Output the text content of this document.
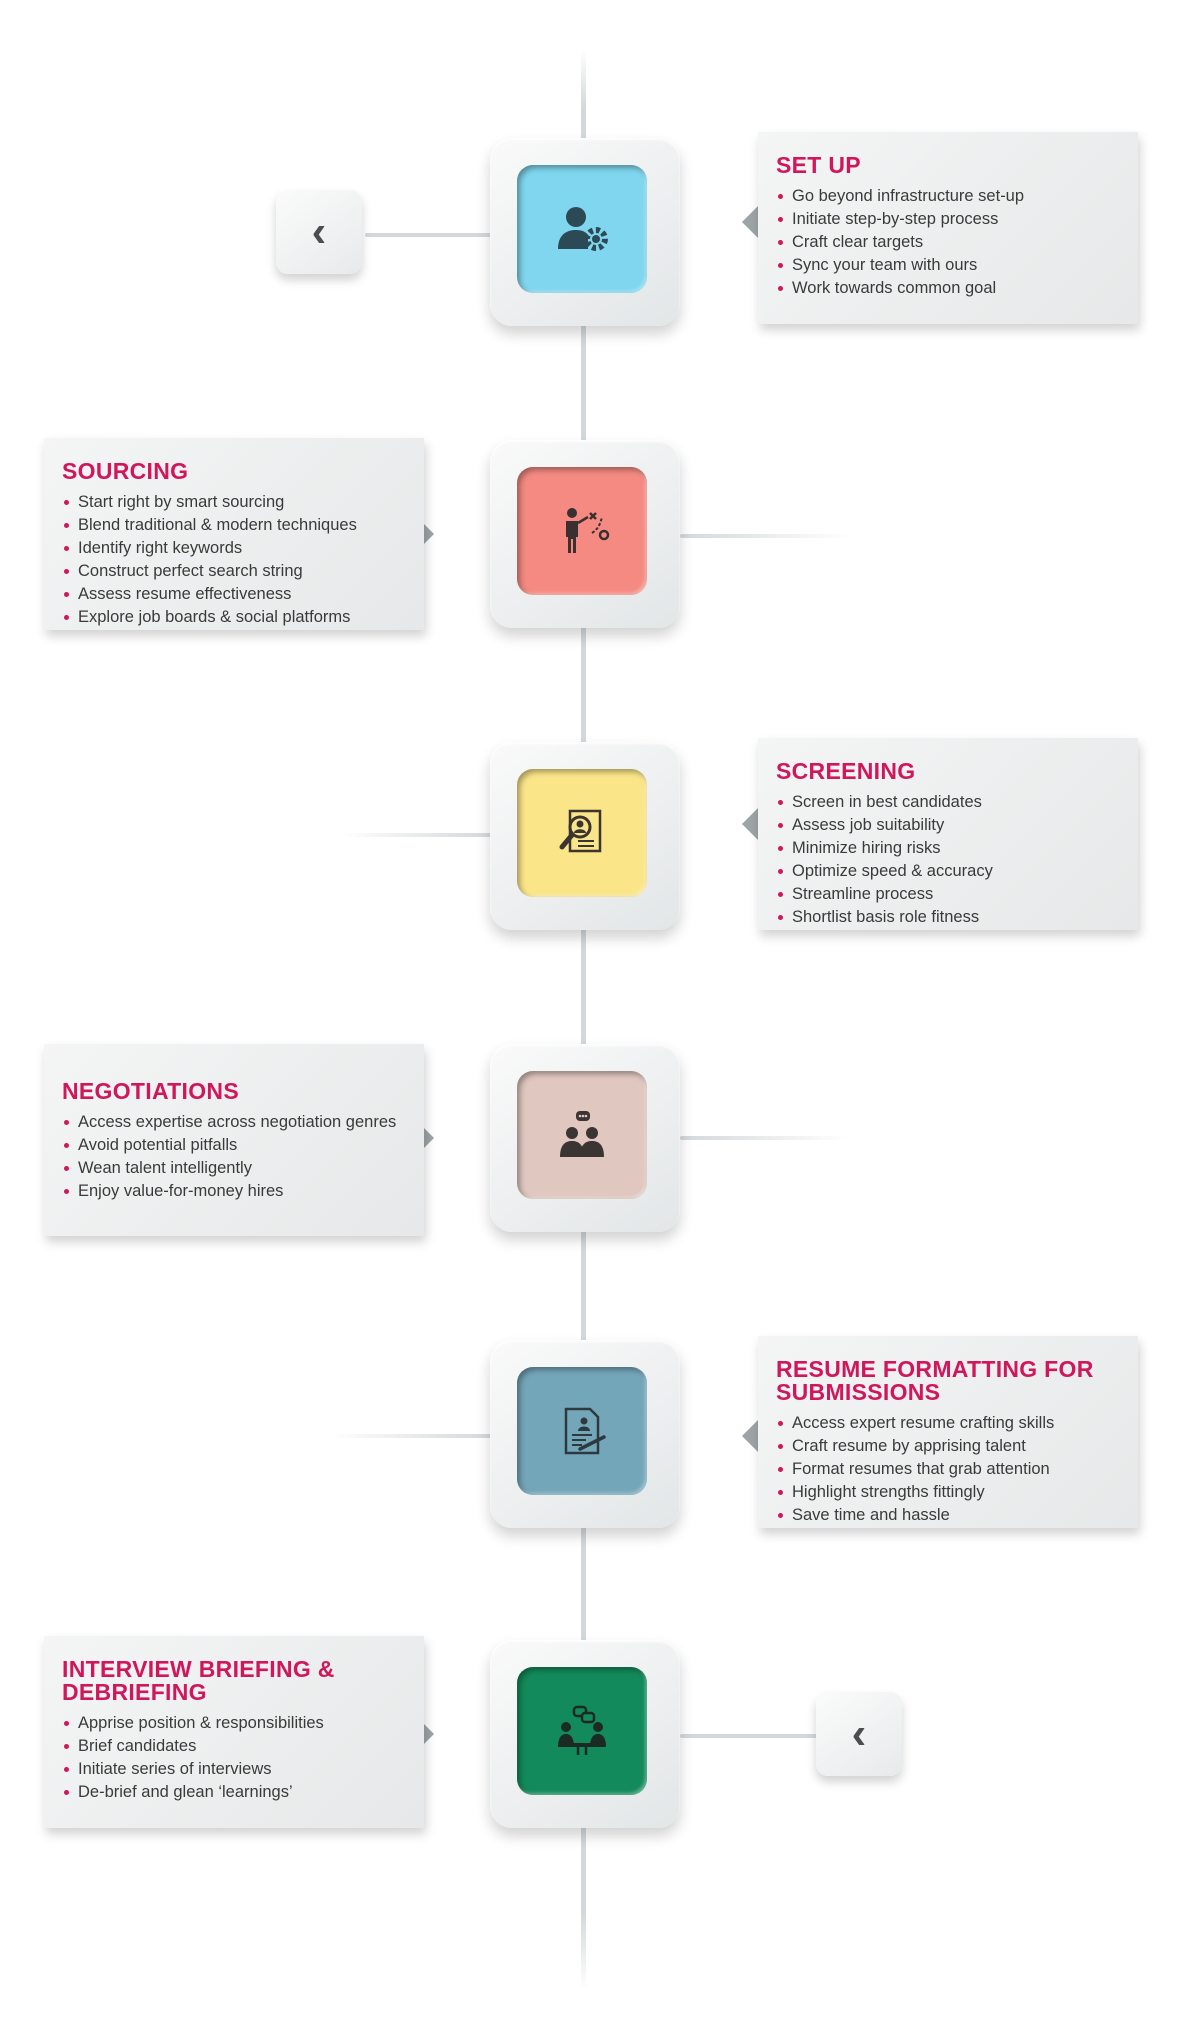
‹
‹
SET UP
Go beyond infrastructure set-up
Initiate step-by-step process
Craft clear targets
Sync your team with ours
Work towards common goal
SOURCING
Start right by smart sourcing
Blend traditional & modern techniques
Identify right keywords
Construct perfect search string
Assess resume effectiveness
Explore job boards & social platforms
SCREENING
Screen in best candidates
Assess job suitability
Minimize hiring risks
Optimize speed & accuracy
Streamline process
Shortlist basis role fitness
NEGOTIATIONS
Access expertise across negotiation genres
Avoid potential pitfalls
Wean talent intelligently
Enjoy value-for-money hires
RESUME FORMATTING FOR SUBMISSIONS
Access expert resume crafting skills
Craft resume by apprising talent
Format resumes that grab attention
Highlight strengths fittingly
Save time and hassle
INTERVIEW BRIEFING & DEBRIEFING
Apprise position & responsibilities
Brief candidates
Initiate series of interviews
De-brief and glean ‘learnings’
